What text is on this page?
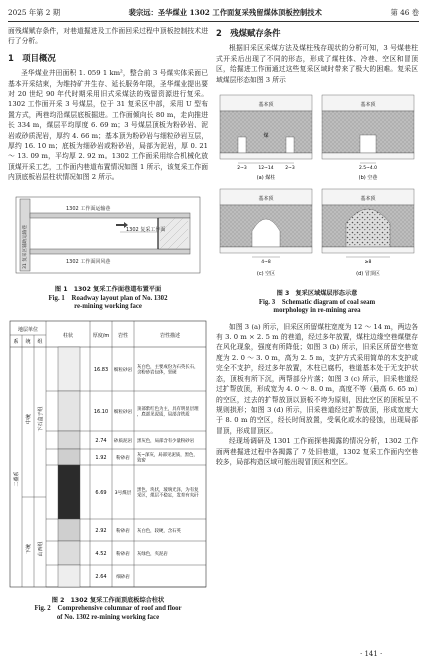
2025 年第 2 期	裴宗远：圣华煤业 1302 工作面复采残留煤体顶板控制技术	第 46 卷

面残煤赋存条件，对巷道掘进及工作面回采过程中顶板控制技术进行了分析。

1　项目概况

圣华煤业井田面积 1. 059 1 km²，整合前 3 号煤实体采面已基本开采结束，为维持矿井生存、延长服务年限，圣华煤业提出要对 20 世纪 90 年代时期采用旧式采煤法的残留资源进行复采。1302 工作面开采 3 号煤层，位于 31 复采区中部，采用 U 型布置方式，两巷均沿煤层底板掘进。工作面倾向长 80 m，走向推进长 334 m，煤层平均厚度 6. 69 m；3 号煤层顶板为粉砂岩、泥岩或砂质泥岩，厚约 4. 66 m；基本顶为粉砂岩与细粒砂岩互层，厚约 16. 10 m；底板为细砂岩或粉砂岩，局部为泥岩，厚 0. 21 ～ 13. 09 m，平均厚 2. 92 m。1302 工作面采用综合机械化放顶煤开采工艺，工作面内巷道布置情况如图 1 所示，该复采工作面内顶底板岩层柱状情况如图 2 所示。

31 复采区辅助运输巷
1302 工作面运输巷
1302 复采工作面
1302 工作面回风巷
图 1　1302 复采工作面巷道布置平面
Fig. 1　Roadway layout plan of No. 1302
re-mining working face
地层单位
系 统 组
柱状	厚度/m 岩性	岩性描述
二叠系
中统
下统
下石盒子组
山西组
16.83 细粒砂岩
灰白色，主要成份为石英长石，
含粉砂岩包体，坚硬
16.10 细粒砂岩
顶部紫红色为主，具有明显层理
，底部见泥质，局部含铁质
2.74 砂质泥岩 黑灰色，局部含有少量粉砂岩
1.92 粉砂岩
灰~深灰，局部见泥质，黑色，
致密
6.69 3号煤层
黑色，块状，玻璃光泽，为有复
采区，煤层不稳定，发育有夹矸
2.92 粉砂岩 灰白色，较硬，含石英
4.52 粉砂岩 灰绿色，夹泥岩
2.64 细砂岩
图 2　1302 复采工作面顶底板综合柱状
Fig. 2　Comprehensive columnar of roof and floor
of No. 1302 re-mining working face
2　残煤赋存条件

根据旧采区采煤方法及煤柱残存现状的分析可知，3 号煤巷柱式开采后出现了不同的形态，形成了煤柱体、冷巷、空区和冒顶区，给掘进工作面通过这些复采区域时带来了极大的困难。复采区域煤层形态如图 3 所示

基本顶
煤
2~3	12~14	2~3
(a) 煤柱
基本顶
2.5~4.0
(b) 空巷
基本顶
4~8
(c) 空区
基本顶
≥8
(d) 冒顶区
图 3　复采区域煤层形态示意
Fig. 3　Schematic diagram of coal seam
morphology in re-mining area

如图 3 (a) 所示，旧采区所留煤柱宽度为 12 ～ 14 m，两边各有 3. 0 m × 2. 5 m 的巷道，经过多年放置，煤柱边缘空巷煤壁存在风化现象，强度有所降低；如图 3 (b) 所示，旧采区所留空巷宽度为 2. 0 ～ 3. 0 m，高为 2. 5 m，支护方式采用简单的木支护或完全不支护，经过多年放置，木柱已腐朽，巷道基本处于无支护状态，顶板有所下沉，两帮部分片落；如图 3 (c) 所示，旧采巷道经过扩帮放顶，形成宽为 4. 0 ～ 8. 0 m，高度不等（最高 6. 65 m）的空区，过去的扩帮放顶以顶板不垮为原则，因此空区的顶板呈不规则拱形；如图 3 (d) 所示，旧采巷道经过扩帮放顶，形成宽度大于 8. 0 m 的空区，经长时间放置，受氧化或水的侵蚀，出现局部冒顶，形成冒顶区。

经现场调研及 1301 工作面探巷揭露的情况分析，1302 工作面两巷掘进过程中各揭露了 7 处旧巷道，1302 复采工作面内空巷较多，局部构造区域可能出现冒顶区和空区。

· 141 ·
